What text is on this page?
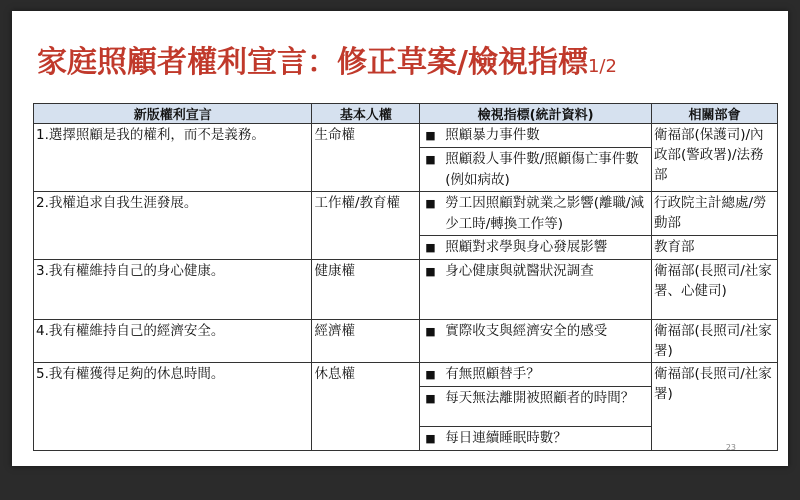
家庭照顧者權利宣言：修正草案/檢視指標1/2
新版權利宣言	基本人權	檢視指標(統計資料)	相關部會
1.選擇照顧是我的權利，而不是義務。	生命權	■ 照顧暴力事件數	衛福部(保護司)/內政部(警政署)/法務部
		■ 照顧殺人事件數/照顧傷亡事件數(例如病故)	
2.我權追求自我生涯發展。	工作權/教育權	■ 勞工因照顧對就業之影響(離職/減少工時/轉換工作等)	行政院主計總處/勞動部
		■ 照顧對求學與身心發展影響	教育部
3.我有權維持自己的身心健康。	健康權	■ 身心健康與就醫狀況調查	衛福部(長照司/社家署、心健司)
4.我有權維持自己的經濟安全。	經濟權	■ 實際收支與經濟安全的感受	衛福部(長照司/社家署)
5.我有權獲得足夠的休息時間。	休息權	■ 有無照顧替手？	衛福部(長照司/社家署)
		■ 每天無法離開被照顧者的時間？	
		■ 每日連續睡眠時數？	
23
